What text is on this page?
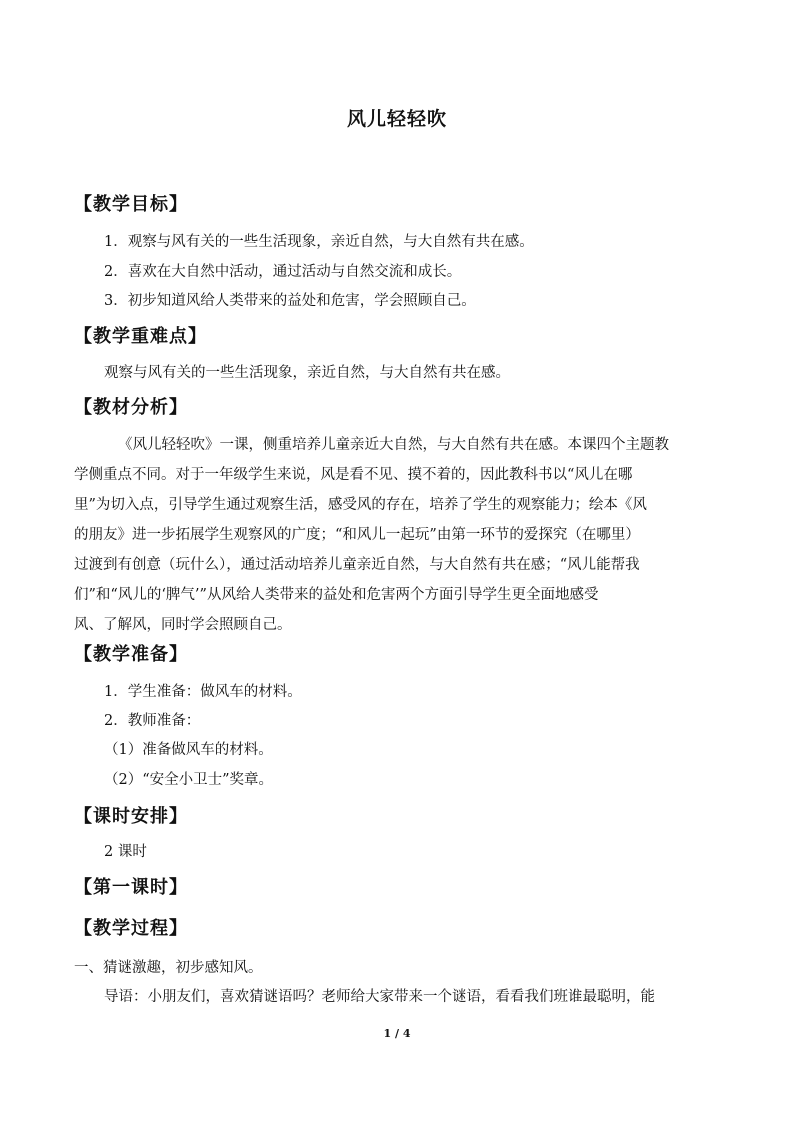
风儿轻轻吹
【教学目标】
1．观察与风有关的一些生活现象，亲近自然，与大自然有共在感。
2．喜欢在大自然中活动，通过活动与自然交流和成长。
3．初步知道风给人类带来的益处和危害，学会照顾自己。
【教学重难点】
观察与风有关的一些生活现象，亲近自然，与大自然有共在感。
【教材分析】
《风儿轻轻吹》一课，侧重培养儿童亲近大自然，与大自然有共在感。本课四个主题教
学侧重点不同。对于一年级学生来说，风是看不见、摸不着的，因此教科书以“风儿在哪
里”为切入点，引导学生通过观察生活，感受风的存在，培养了学生的观察能力；绘本《风
的朋友》进一步拓展学生观察风的广度；“和风儿一起玩”由第一环节的爱探究（在哪里）
过渡到有创意（玩什么），通过活动培养儿童亲近自然，与大自然有共在感；“风儿能帮我
们”和“风儿的‘脾气’”从风给人类带来的益处和危害两个方面引导学生更全面地感受
风、了解风，同时学会照顾自己。
【教学准备】
1．学生准备：做风车的材料。
2．教师准备：
（1）准备做风车的材料。
（2）“安全小卫士”奖章。
【课时安排】
2 课时
【第一课时】
【教学过程】
一、猜谜激趣，初步感知风。
导语：小朋友们，喜欢猜谜语吗？老师给大家带来一个谜语，看看我们班谁最聪明，能
1 / 4
